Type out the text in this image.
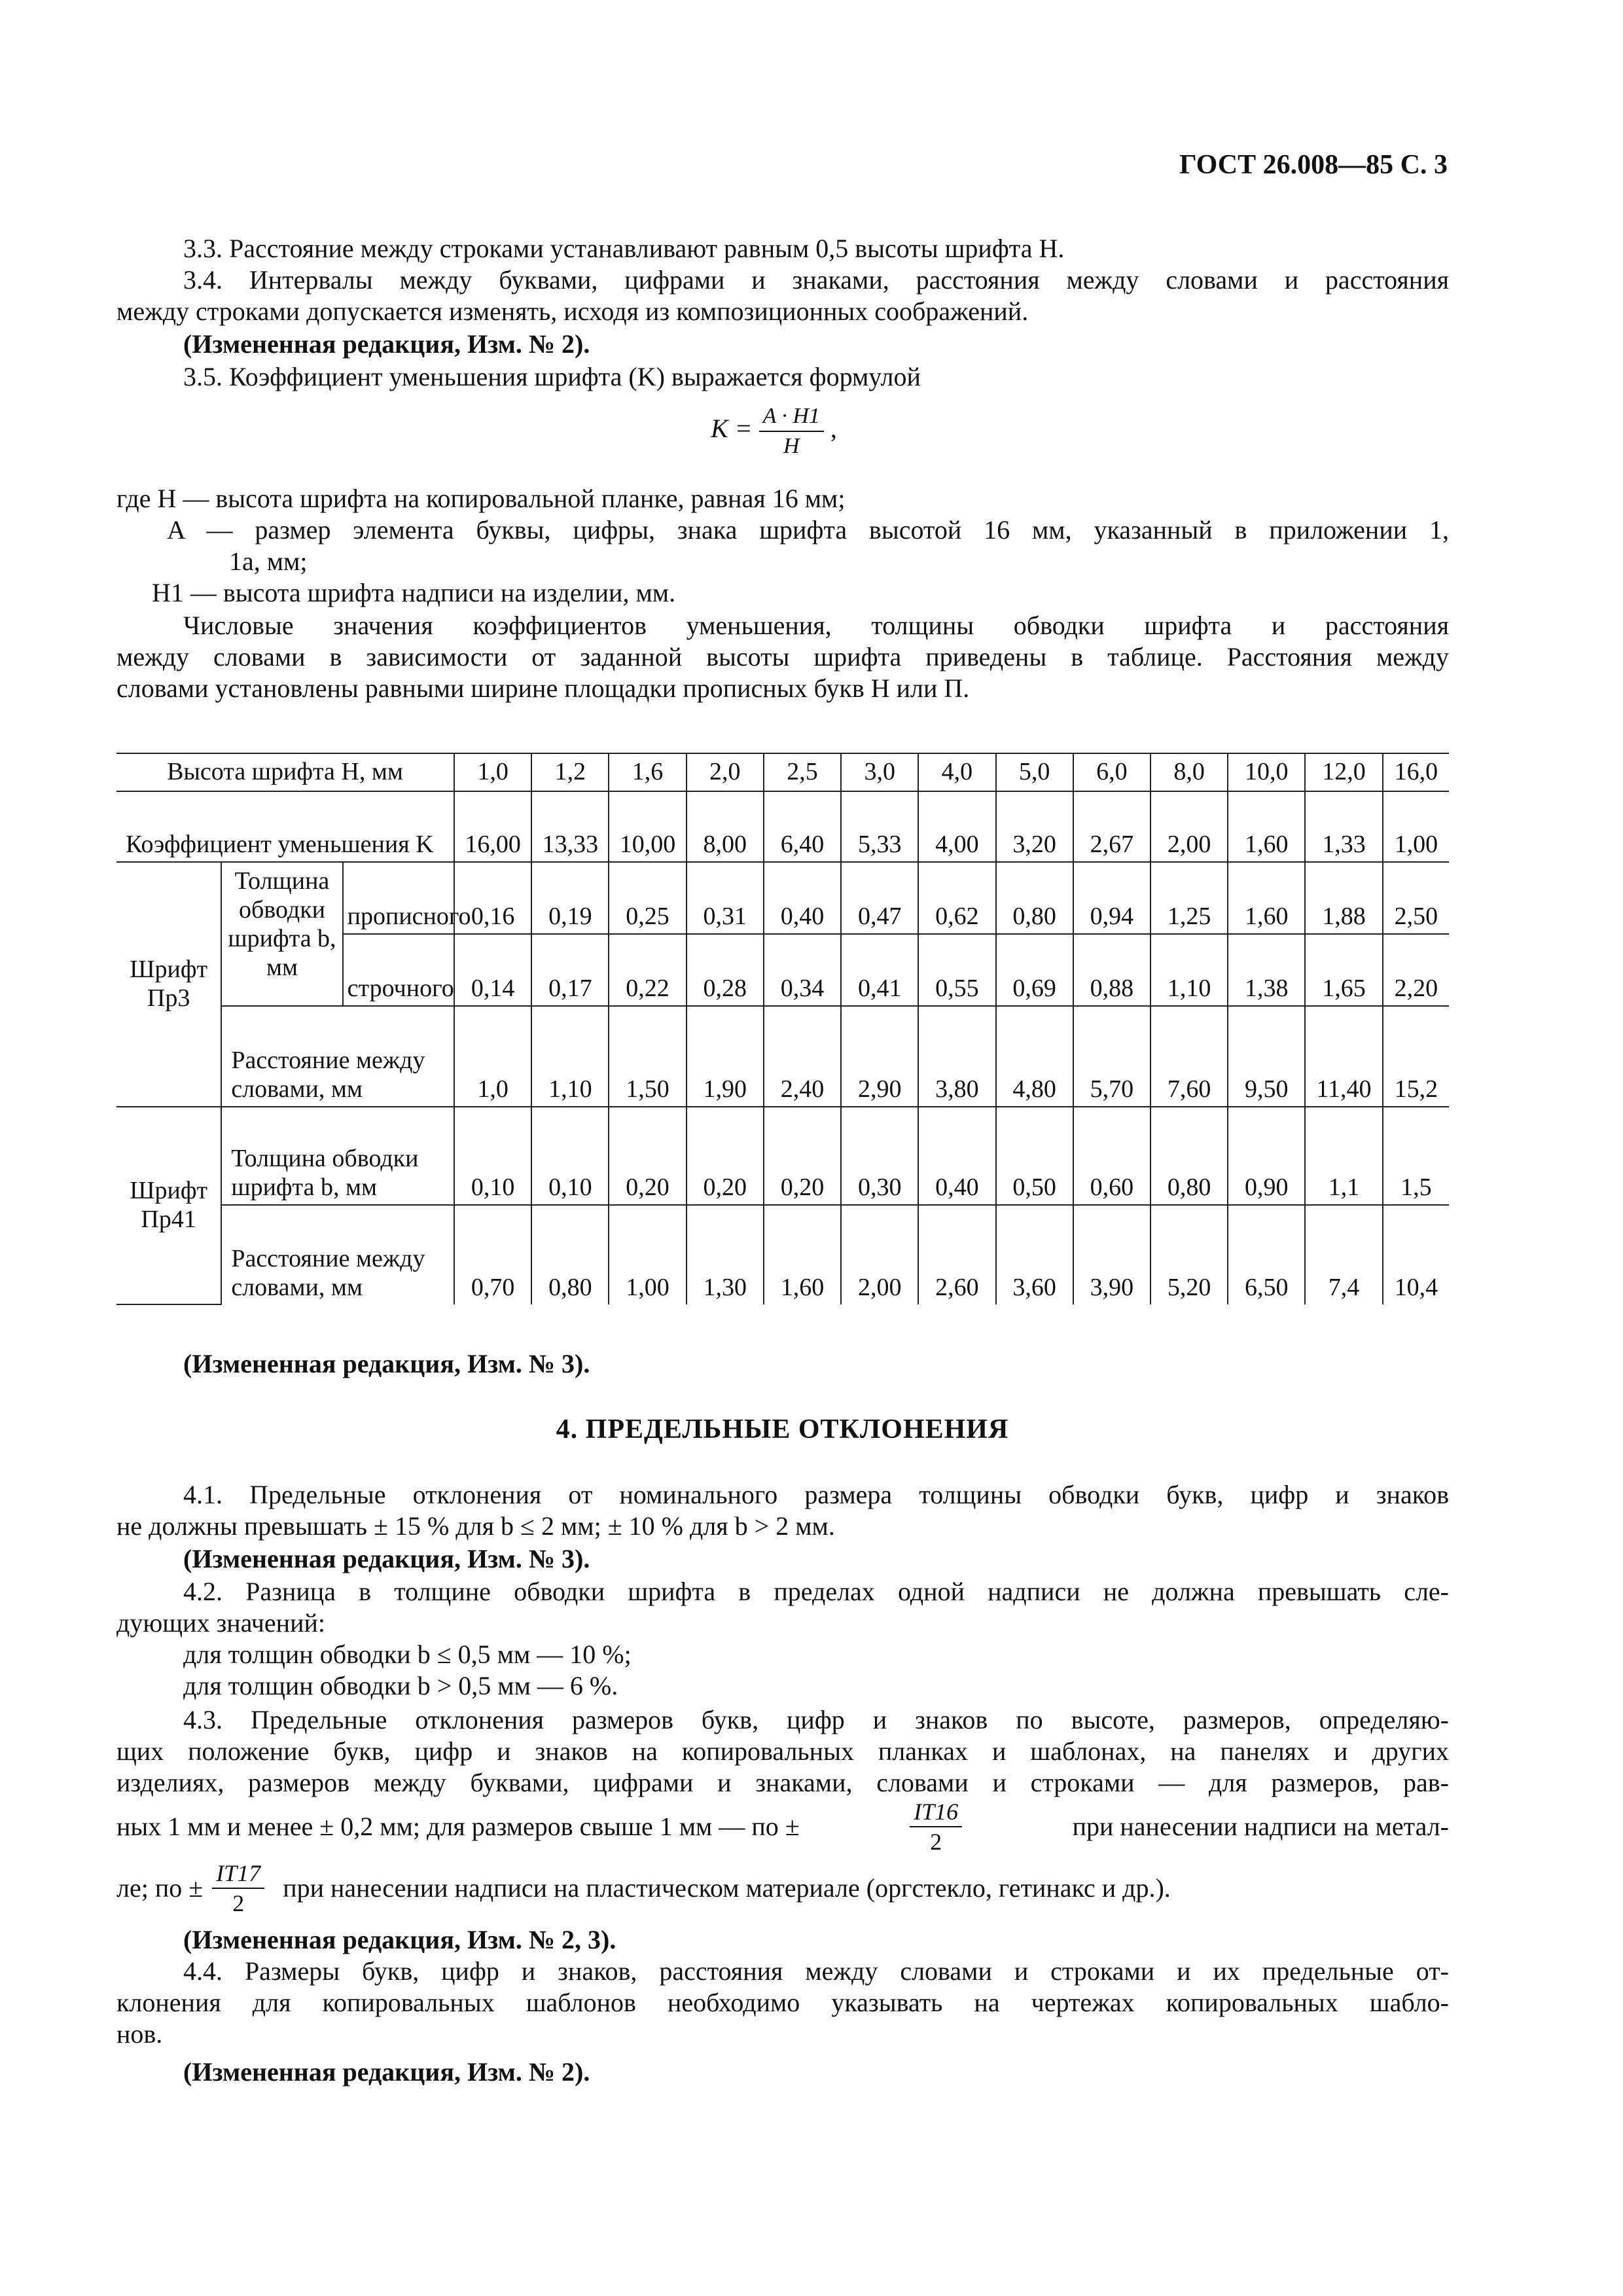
ГОСТ 26.008—85 С. 3
3.3. Расстояние между строками устанавливают равным 0,5 высоты шрифта H.
3.4. Интервалы между буквами, цифрами и знаками, расстояния между словами и расстояния
между строками допускается изменять, исходя из композиционных соображений.
(Измененная редакция, Изм. № 2).
3.5. Коэффициент уменьшения шрифта (K) выражается формулой
$K = \frac{A \cdot H1}{H}$ ,
где H — высота шрифта на копировальной планке, равная 16 мм;
A — размер элемента буквы, цифры, знака шрифта высотой 16 мм, указанный в приложении 1,
1а, мм;
H1 — высота шрифта надписи на изделии, мм.
Числовые значения коэффициентов уменьшения, толщины обводки шрифта и расстояния
между словами в зависимости от заданной высоты шрифта приведены в таблице. Расстояния между
словами установлены равными ширине площадки прописных букв Н или П.
Высота шрифта H, мм			1,0	1,2	1,6	2,0	2,5	3,0	4,0	5,0	6,0	8,0	10,0	12,0	16,0
Коэффициент уменьшения K			16,00	13,33	10,00	8,00	6,40	5,33	4,00	3,20	2,67	2,00	1,60	1,33	1,00
Шрифт Пр3	Толщина обводки шрифта b, мм	прописного	0,16	0,19	0,25	0,31	0,40	0,47	0,62	0,80	0,94	1,25	1,60	1,88	2,50
		строчного	0,14	0,17	0,22	0,28	0,34	0,41	0,55	0,69	0,88	1,10	1,38	1,65	2,20
	Расстояние между словами, мм		1,0	1,10	1,50	1,90	2,40	2,90	3,80	4,80	5,70	7,60	9,50	11,40	15,2
Шрифт Пр41	Толщина обводки шрифта b, мм		0,10	0,10	0,20	0,20	0,20	0,30	0,40	0,50	0,60	0,80	0,90	1,1	1,5
	Расстояние между словами, мм		0,70	0,80	1,00	1,30	1,60	2,00	2,60	3,60	3,90	5,20	6,50	7,4	10,4
(Измененная редакция, Изм. № 3).
4. ПРЕДЕЛЬНЫЕ ОТКЛОНЕНИЯ
4.1. Предельные отклонения от номинального размера толщины обводки букв, цифр и знаков
не должны превышать ± 15 % для b ≤ 2 мм; ± 10 % для b > 2 мм.
(Измененная редакция, Изм. № 3).
4.2. Разница в толщине обводки шрифта в пределах одной надписи не должна превышать сле-
дующих значений:
для толщин обводки b ≤ 0,5 мм — 10 %;
для толщин обводки b > 0,5 мм — 6 %.
4.3. Предельные отклонения размеров букв, цифр и знаков по высоте, размеров, определяю-
щих положение букв, цифр и знаков на копировальных планках и шаблонах, на панелях и других
изделиях, размеров между буквами, цифрами и знаками, словами и строками — для размеров, рав-
ных 1 мм и менее ± 0,2 мм; для размеров свыше 1 мм — по ±	$\frac{IT16}{2}$	при нанесении надписи на метал-
ле; по ± $\frac{IT17}{2}$ при нанесении надписи на пластическом материале (оргстекло, гетинакс и др.).
(Измененная редакция, Изм. № 2, 3).
4.4. Размеры букв, цифр и знаков, расстояния между словами и строками и их предельные от-
клонения для копировальных шаблонов необходимо указывать на чертежах копировальных шабло-
нов.
(Измененная редакция, Изм. № 2).
